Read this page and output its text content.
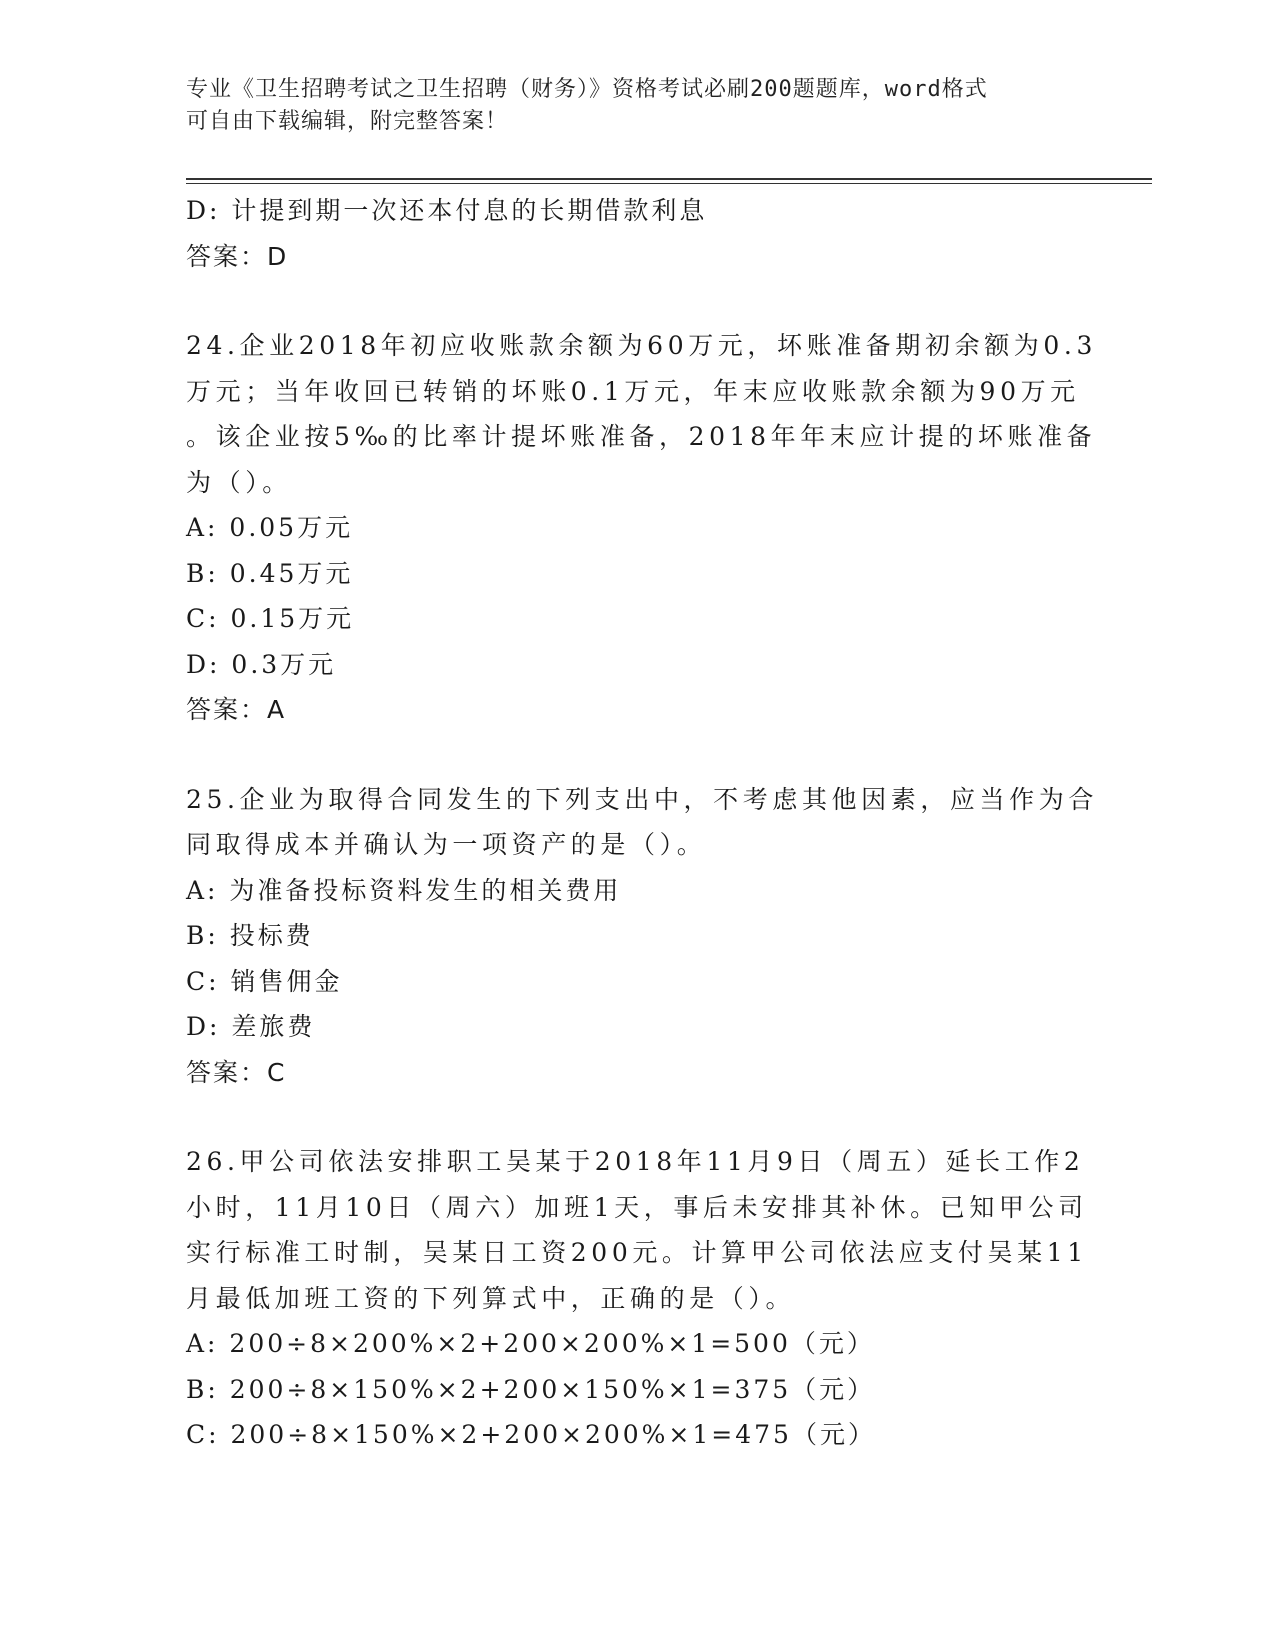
专业《卫生招聘考试之卫生招聘（财务）》资格考试必刷200题题库，word格式
可自由下载编辑，附完整答案！
D: 计提到期一次还本付息的长期借款利息
答案：D
24.企业2018年初应收账款余额为60万元，坏账准备期初余额为0.3
万元；当年收回已转销的坏账0.1万元，年末应收账款余额为90万元
。该企业按5‰的比率计提坏账准备，2018年年末应计提的坏账准备
为（）。
A: 0.05万元
B: 0.45万元
C: 0.15万元
D: 0.3万元
答案：A
25.企业为取得合同发生的下列支出中，不考虑其他因素，应当作为合
同取得成本并确认为一项资产的是（）。
A: 为准备投标资料发生的相关费用
B: 投标费
C: 销售佣金
D: 差旅费
答案：C
26.甲公司依法安排职工吴某于2018年11月9日（周五）延长工作2
小时，11月10日（周六）加班1天，事后未安排其补休。已知甲公司
实行标准工时制，吴某日工资200元。计算甲公司依法应支付吴某11
月最低加班工资的下列算式中，正确的是（）。
A: 200÷8×200%×2+200×200%×1=500（元）
B: 200÷8×150%×2+200×150%×1=375（元）
C: 200÷8×150%×2+200×200%×1=475（元）
